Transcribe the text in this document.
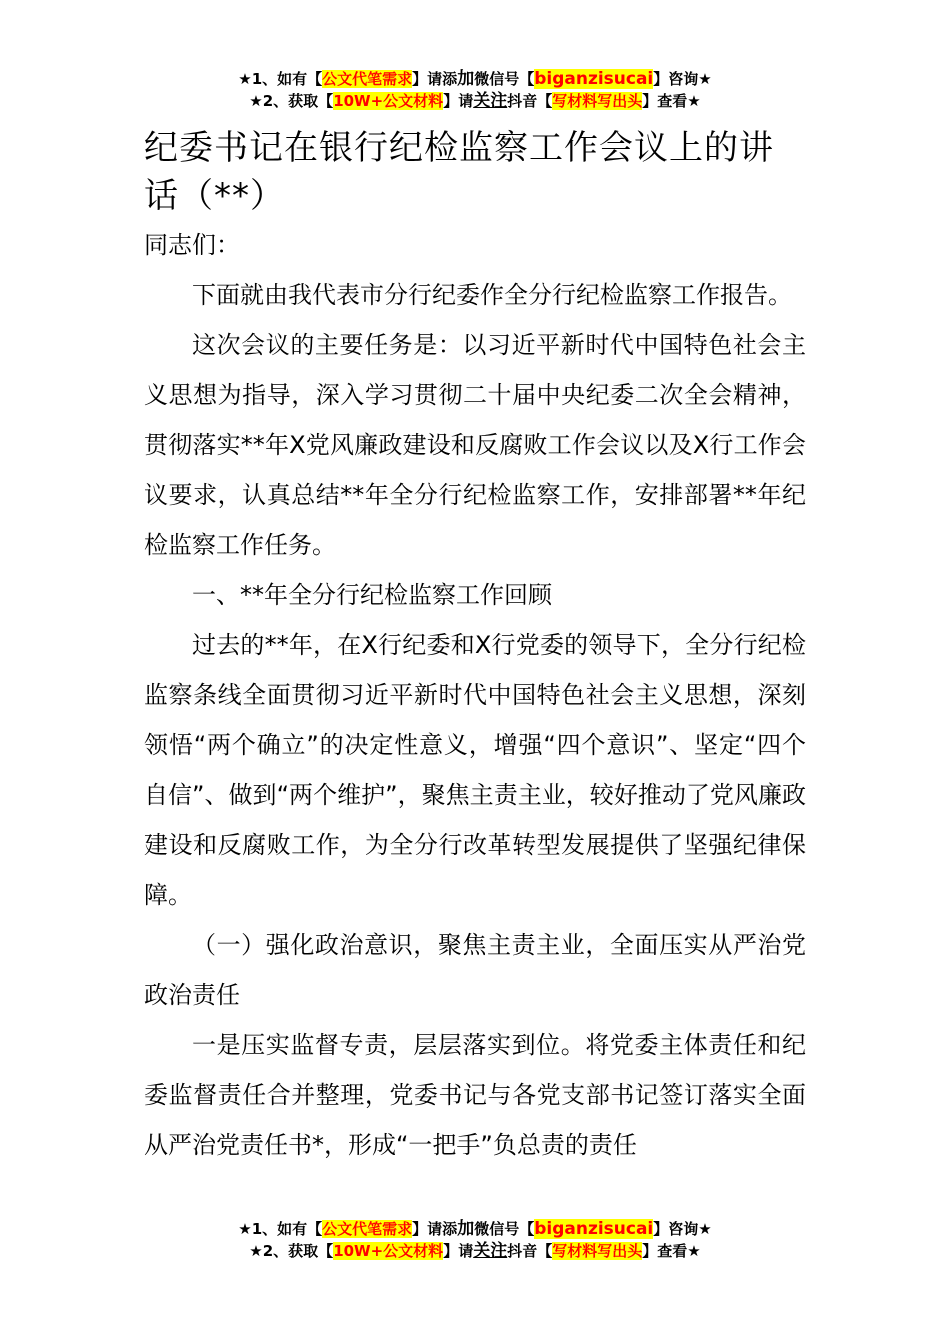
★1、如有【公文代笔需求】请添加微信号【biganzisucai】咨询★
★2、获取【10W+公文材料】请关注抖音【写材料写出头】查看★
纪委书记在银行纪检监察工作会议上的讲话（**）

同志们：

下面就由我代表市分行纪委作全分行纪检监察工作报告。

这次会议的主要任务是：以习近平新时代中国特色社会主义思想为指导，深入学习贯彻二十届中央纪委二次全会精神，贯彻落实**年X党风廉政建设和反腐败工作会议以及X行工作会议要求，认真总结**年全分行纪检监察工作，安排部署**年纪检监察工作任务。

一、**年全分行纪检监察工作回顾

过去的**年，在X行纪委和X行党委的领导下，全分行纪检监察条线全面贯彻习近平新时代中国特色社会主义思想，深刻领悟“两个确立”的决定性意义，增强“四个意识”、坚定“四个自信”、做到“两个维护”，聚焦主责主业，较好推动了党风廉政建设和反腐败工作，为全分行改革转型发展提供了坚强纪律保障。

（一）强化政治意识，聚焦主责主业，全面压实从严治党政治责任

一是压实监督专责，层层落实到位。将党委主体责任和纪委监督责任合并整理，党委书记与各党支部书记签订落实全面从严治党责任书*，形成“一把手”负总责的责任

★1、如有【公文代笔需求】请添加微信号【biganzisucai】咨询★
★2、获取【10W+公文材料】请关注抖音【写材料写出头】查看★
